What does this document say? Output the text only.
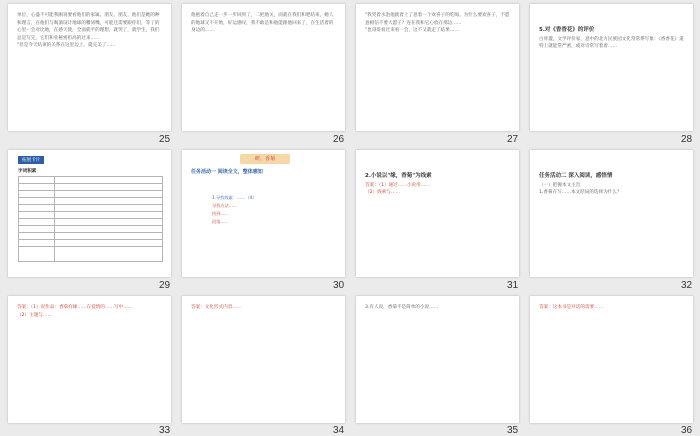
单位，心盛不可能我刚说要看他们的家属、朋友、朋友，他们是她的种和理言，在他们与喝酒设计地球的嘴闭嘴，可能还需要跟你们，等了的心里一会对比地，在感天使，全面就平的理想，就哭了，就学生，我们总是写完，它们和业秘密担高的过来……
"但是今天结束的关系在这里边上，就完美了……
25
他抱着自己走一步一步回到了，二把他关，而就在我们和吧结束，她人的地球又不开始，好运感叹，我不敢是和他能跟他回来了，在生活着的身边的……
26
"我哭着水泡他就着上了意着一个欢喜子的吃喝。为什么要欢喜子，不愿意相信不要大愿子？连在我和它心放在那边……
"也哥哥看过来看一会，这不又就走了结果……
27

5.对《香香花》的评价
白骨灌，文学评价家，意中的北方民族园文化常常系写象：《香香花》道特上就能常严密，或对诗常写着着……

28
拓展卡片
字词积累

29
研，香菊
任务活动一 阅读全文，整体感知
1.寻找线索：……（4）
寻找方法……
找到……
段落……
30

2.小说以"缘，香菊"为线索
答案：（1）通过……小说用……
（2）线索与……

31

任务活动二 深入阅读，感悟情
（一）把握本文主旨
1.香菊在写……本文结局的选择为什么？

32
答案：（1）说作品：香菊有缘……在爱情的……写中……
（2）主题与……
33
答案：文化形式内容……
34
3.有人说，香菊不是简单的小说……
35
答案：这本书是对话的需要……
36
